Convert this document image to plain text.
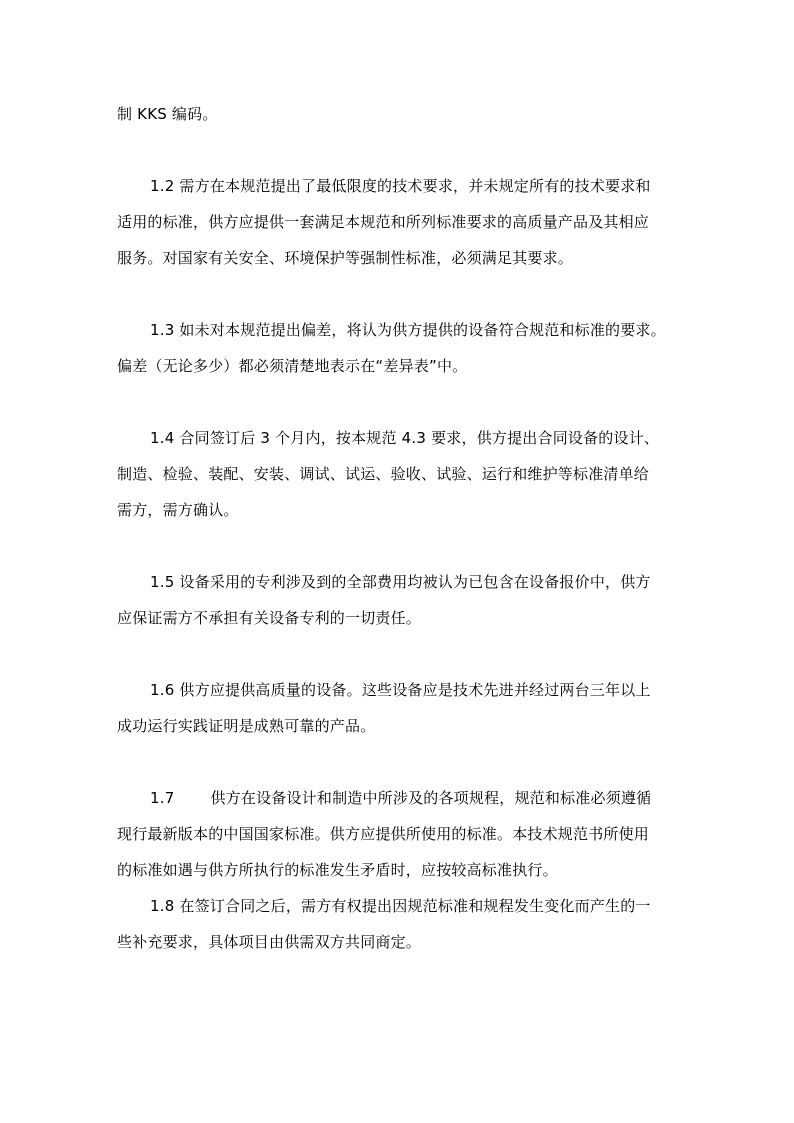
制 KKS 编码。
1.2 需方在本规范提出了最低限度的技术要求，并未规定所有的技术要求和
适用的标准，供方应提供一套满足本规范和所列标准要求的高质量产品及其相应
服务。对国家有关安全、环境保护等强制性标准，必须满足其要求。
1.3 如未对本规范提出偏差，将认为供方提供的设备符合规范和标准的要求。
偏差（无论多少）都必须清楚地表示在“差异表”中。
1.4 合同签订后 3 个月内，按本规范 4.3 要求，供方提出合同设备的设计、
制造、检验、装配、安装、调试、试运、验收、试验、运行和维护等标准清单给
需方，需方确认。
1.5 设备采用的专利涉及到的全部费用均被认为已包含在设备报价中，供方
应保证需方不承担有关设备专利的一切责任。
1.6 供方应提供高质量的设备。这些设备应是技术先进并经过两台三年以上
成功运行实践证明是成熟可靠的产品。
1.7 供方在设备设计和制造中所涉及的各项规程，规范和标准必须遵循
现行最新版本的中国国家标准。供方应提供所使用的标准。本技术规范书所使用
的标准如遇与供方所执行的标准发生矛盾时，应按较高标准执行。
1.8 在签订合同之后，需方有权提出因规范标准和规程发生变化而产生的一
些补充要求，具体项目由供需双方共同商定。
